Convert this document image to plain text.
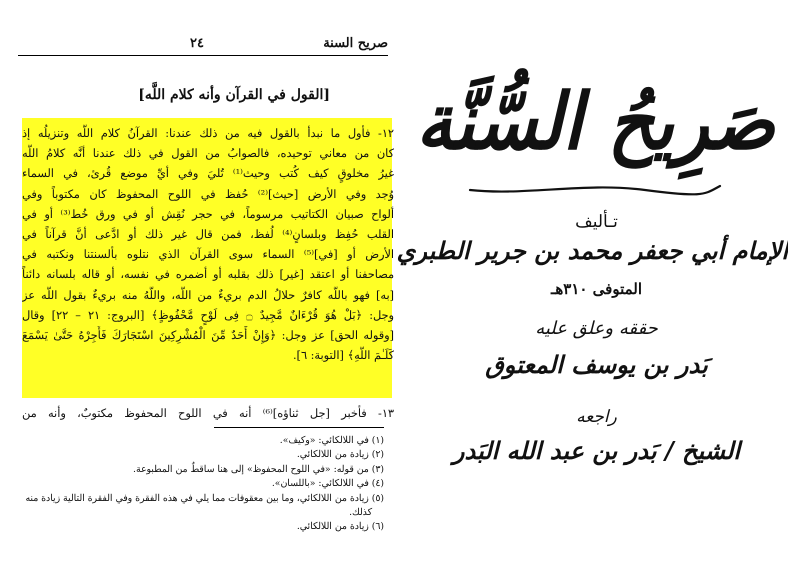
صريح السنة
٢٤
[القول في القرآن وأنه كلام اللَّه]
١٢- فأول ما نبدأ بالقول فيه من ذلك عندنا: القرآنُ كلام اللَّه وتنزيلُه إذ
كان من معاني توحيده، فالصوابُ من القول في ذلك عندنا أنَّه كلامُ اللَّه
غيرُ مخلوقٍ كيف كُتب وحيث⁽¹⁾ تُليَ وفي أيِّ موضع قُرئ، في السماء
وُجد وفي الأرض [حيث]⁽²⁾ حُفظ في اللوح المحفوظ كان مكتوباً وفي
ألواح صبيان الكتاتيب مرسوماً، في حجر نُقِش أو في ورق خُط⁽³⁾ أو في
القلب حُفِظ وبلسانٍ⁽⁴⁾ لُفظ، فمن قال غير ذلك أو ادَّعى أنَّ قرآناً في
الأرض أو [في]⁽⁵⁾ السماء سوى القرآن الذي نتلوه بألسنتنا ونكتبه في
مصاحفنا أو اعتقد [غير] ذلك بقلبه أو أضمره في نفسه، أو قاله بلسانه دائناً
[به] فهو باللَّه كافرٌ حلالُ الدم بريءٌ من اللَّه، واللَّهُ منه بريءٌ بقول اللَّه عز
وجل: ﴿بَلْ هُوَ قُرْءَانٌ مَّجِيدٌ ۝ فِى لَوْحٍ مَّحْفُوظٍ﴾ [البروج: ٢١ – ٢٢] وقال
[وقوله الحق] عز وجل: ﴿وَإِنْ أَحَدٌ مِّنَ الْمُشْرِكِينَ اسْتَجَارَكَ فَأَجِرْهُ حَتَّىٰ يَسْمَعَ
كَلَـٰمَ اللَّهِ﴾ [التوبة: ٦].
١٣- فأخبر [جل ثناؤه]⁽⁶⁾ أنه في اللوح المحفوظ مكتوبٌ، وأنه من
(١) في اللالكائي: «وكيف».
(٢) زيادة من اللالكائي.
(٣) من قوله: «في اللوح المحفوظ» إلى هنا ساقطٌ من المطبوعة.
(٤) في اللالكائي: «باللسان».
(٥) زيادة من اللالكائي، وما بين معقوفات مما يلي في هذه الفقرة وفي الفقرة التالية زيادة منه
كذلك.
(٦) زيادة من اللالكائي.
صَرِيحُ السُّنَّة
تـأليف
الإمام أبي جعفر محمد بن جرير الطبري
المتوفى ٣١٠هـ
حققه وعلق عليه
بَدر بن يوسف المعتوق
راجعه
الشيخ / بَدر بن عبد الله البَدر
